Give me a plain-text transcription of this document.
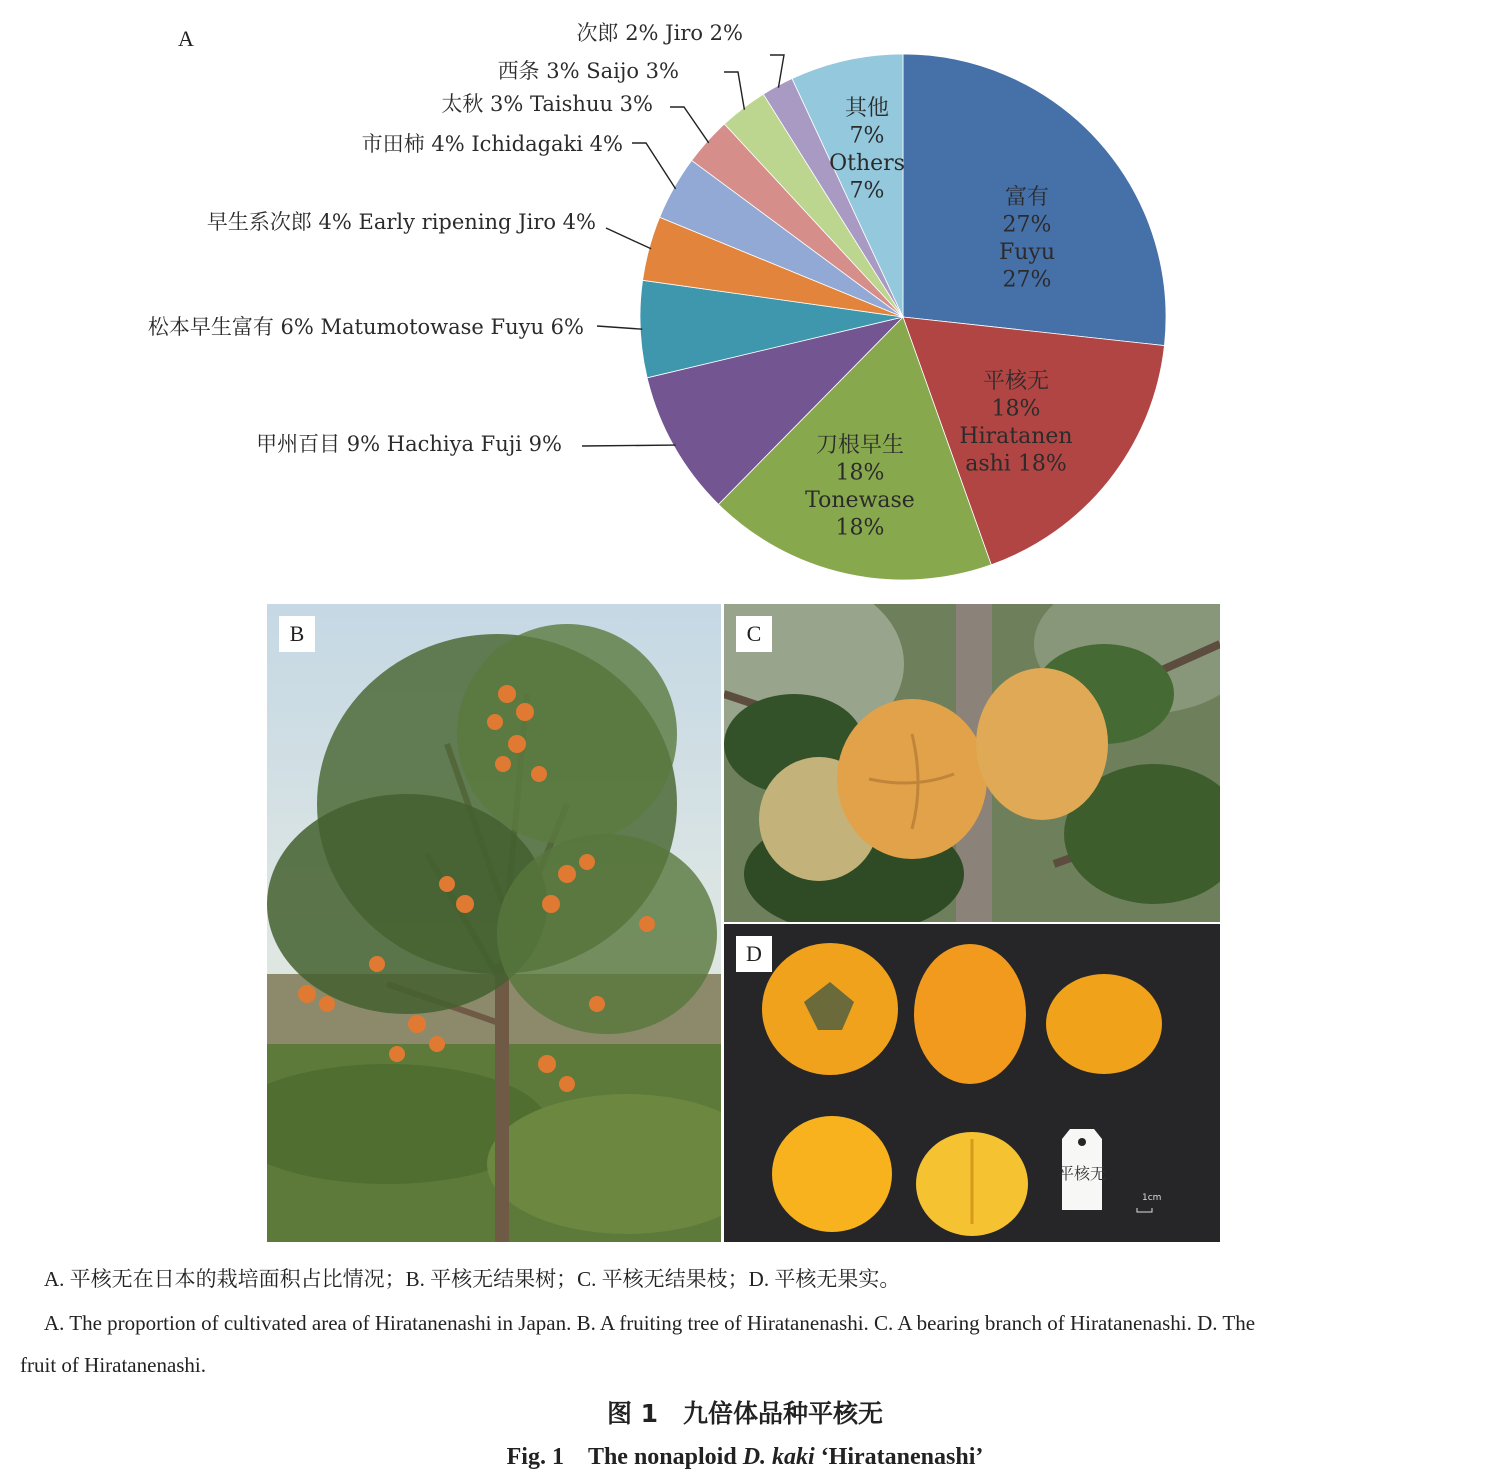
A
富有
27%
Fuyu
27%
平核无
18%
Hiratanen
ashi 18%
刀根早生
18%
Tonewase
18%
甲州百目 9% Hachiya Fuji 9%
松本早生富有 6% Matumotowase Fuyu 6%
早生系次郎 4% Early ripening Jiro 4%
市田柿 4% Ichidagaki 4%
太秋 3% Taishuu 3%
西条 3% Saijo 3%
次郎 2% Jiro 2%
其他
7%
Others
7%
B	C
平核无
1cm
D
A. 平核无在日本的栽培面积占比情况；B. 平核无结果树；C. 平核无结果枝；D. 平核无果实。
A. The proportion of cultivated area of Hiratanenashi in Japan. B. A fruiting tree of Hiratanenashi. C. A bearing branch of Hiratanenashi. D. The
fruit of Hiratanenashi.
图 1　九倍体品种平核无
Fig. 1　The nonaploid D. kaki ‘Hiratanenashi’
